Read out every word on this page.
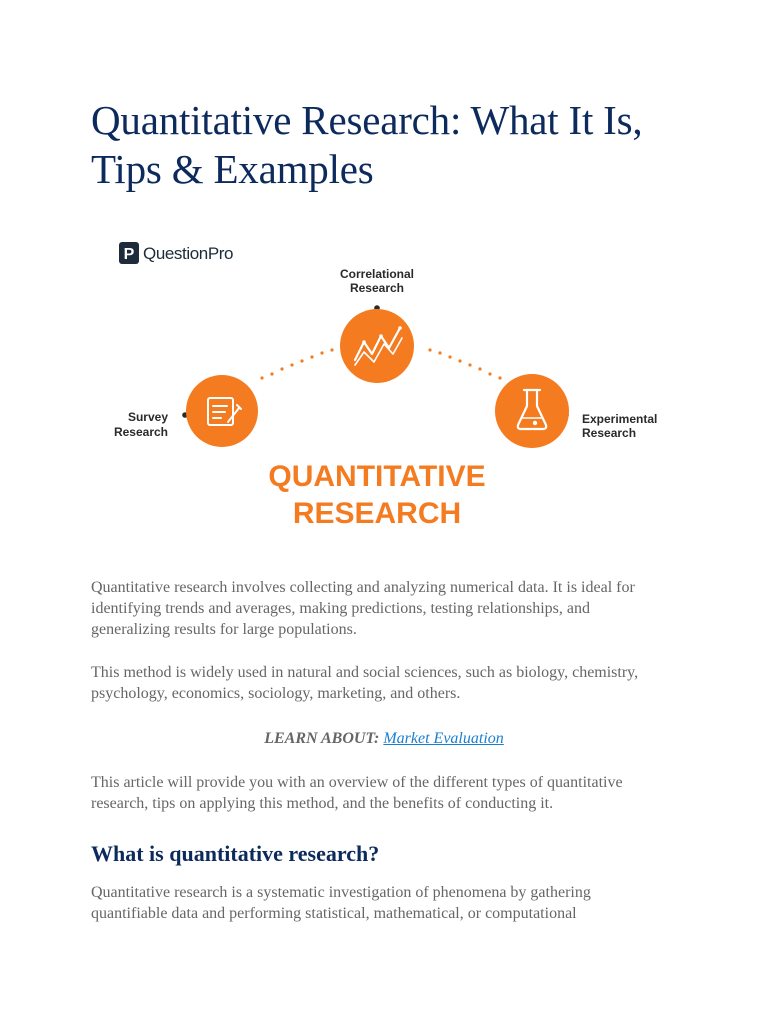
Quantitative Research: What It Is,
Tips & Examples
P QuestionPro
Correlational
Research
Survey
Research
Experimental
Research
QUANTITATIVE
RESEARCH

Quantitative research involves collecting and analyzing numerical data. It is ideal for
identifying trends and averages, making predictions, testing relationships, and
generalizing results for large populations.

This method is widely used in natural and social sciences, such as biology, chemistry,
psychology, economics, sociology, marketing, and others.

LEARN ABOUT: Market Evaluation

This article will provide you with an overview of the different types of quantitative
research, tips on applying this method, and the benefits of conducting it.

What is quantitative research?

Quantitative research is a systematic investigation of phenomena by gathering
quantifiable data and performing statistical, mathematical, or computational
